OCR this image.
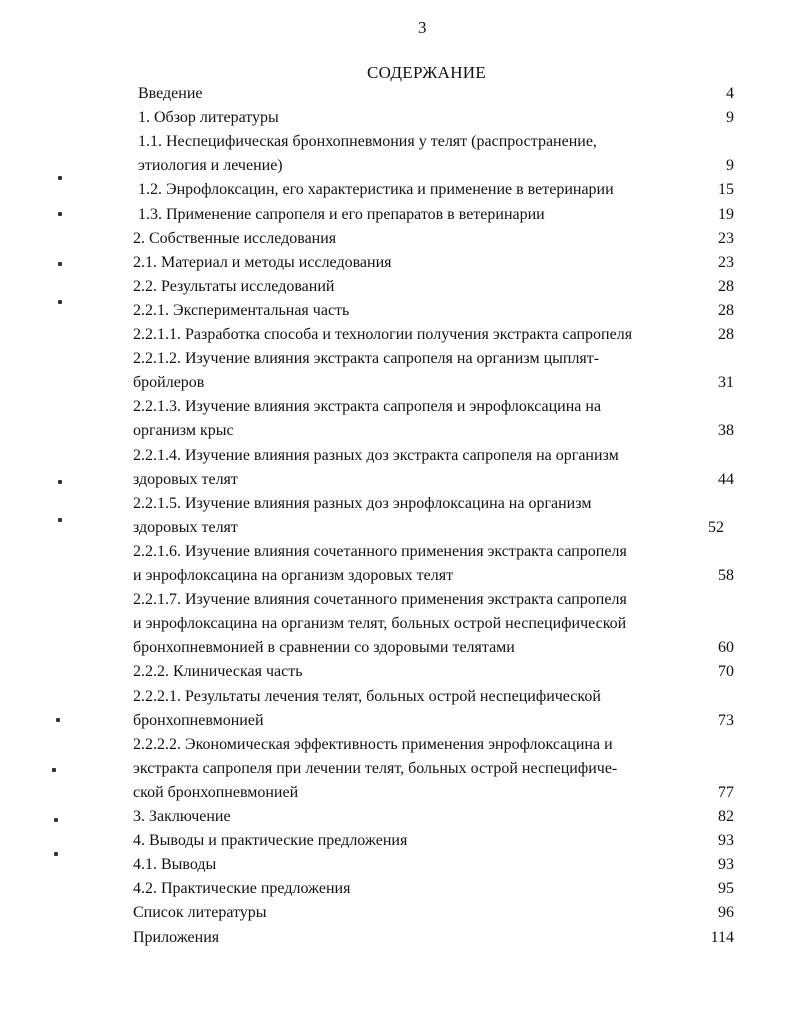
3
СОДЕРЖАНИЕ
Введение	4
1. Обзор литературы	9
1.1. Неспецифическая бронхопневмония у телят (распространение,
этиология и лечение)	9
1.2. Энрофлоксацин, его характеристика и применение в ветеринарии	15
1.3. Применение сапропеля и его препаратов в ветеринарии	19
2. Собственные исследования	23
2.1. Материал и методы исследования	23
2.2. Результаты исследований	28
2.2.1. Экспериментальная часть	28
2.2.1.1. Разработка способа и технологии получения экстракта сапропеля	28
2.2.1.2. Изучение влияния экстракта сапропеля на организм цыплят-
бройлеров	31
2.2.1.3. Изучение влияния экстракта сапропеля и энрофлоксацина на
организм крыс	38
2.2.1.4. Изучение влияния разных доз экстракта сапропеля на организм
здоровых телят	44
2.2.1.5. Изучение влияния разных доз энрофлоксацина на организм
здоровых телят	52
2.2.1.6. Изучение влияния сочетанного применения экстракта сапропеля
и энрофлоксацина на организм здоровых телят	58
2.2.1.7. Изучение влияния сочетанного применения экстракта сапропеля
и энрофлоксацина на организм телят, больных острой неспецифической
бронхопневмонией в сравнении со здоровыми телятами	60
2.2.2. Клиническая часть	70
2.2.2.1. Результаты лечения телят, больных острой неспецифической
бронхопневмонией	73
2.2.2.2. Экономическая эффективность применения энрофлоксацина и
экстракта сапропеля при лечении телят, больных острой неспецифиче-
ской бронхопневмонией	77
3. Заключение	82
4. Выводы и практические предложения	93
4.1. Выводы	93
4.2. Практические предложения	95
Список литературы	96
Приложения	114
